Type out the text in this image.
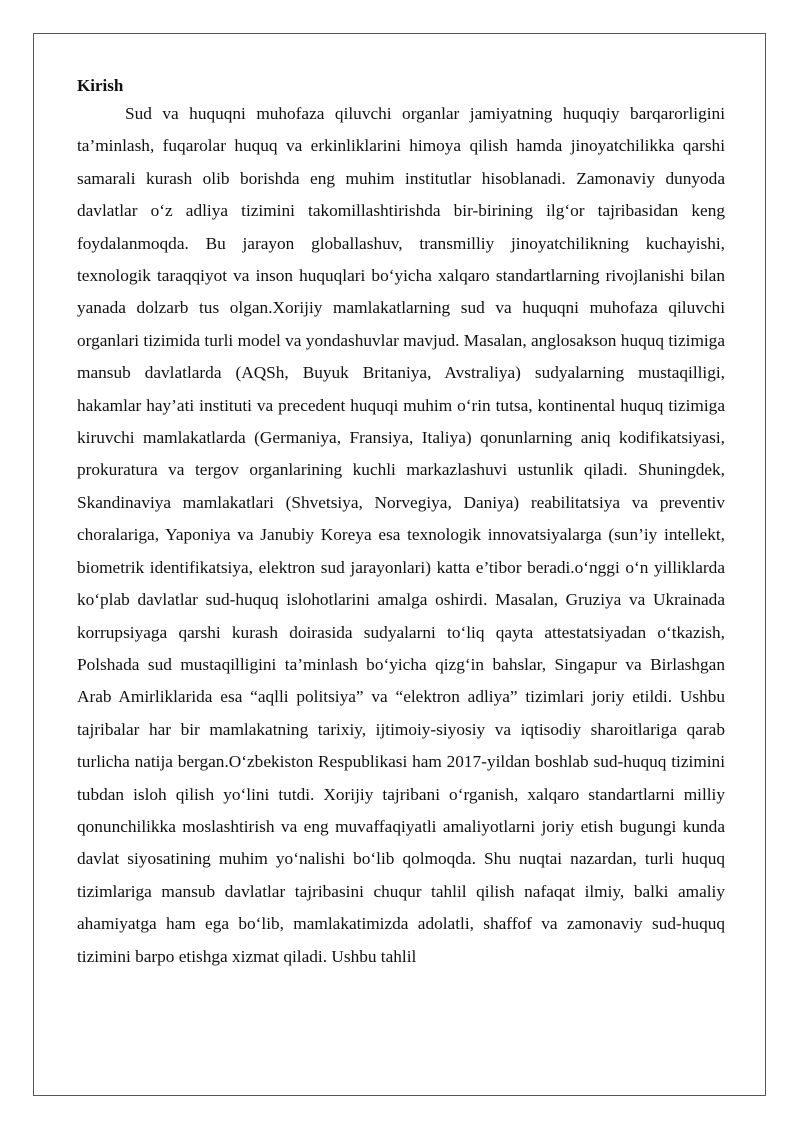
Kirish

Sud va huquqni muhofaza qiluvchi organlar jamiyatning huquqiy barqarorligini ta’minlash, fuqarolar huquq va erkinliklarini himoya qilish hamda jinoyatchilikka qarshi samarali kurash olib borishda eng muhim institutlar hisoblanadi. Zamonaviy dunyoda davlatlar o‘z adliya tizimini takomillashtirishda bir-birining ilg‘or tajribasidan keng foydalanmoqda. Bu jarayon globallashuv, transmilliy jinoyatchilikning kuchayishi, texnologik taraqqiyot va inson huquqlari bo‘yicha xalqaro standartlarning rivojlanishi bilan yanada dolzarb tus olgan.Xorijiy mamlakatlarning sud va huquqni muhofaza qiluvchi organlari tizimida turli model va yondashuvlar mavjud. Masalan, anglosakson huquq tizimiga mansub davlatlarda (AQSh, Buyuk Britaniya, Avstraliya) sudyalarning mustaqilligi, hakamlar hay’ati instituti va precedent huquqi muhim o‘rin tutsa, kontinental huquq tizimiga kiruvchi mamlakatlarda (Germaniya, Fransiya, Italiya) qonunlarning aniq kodifikatsiyasi, prokuratura va tergov organlarining kuchli markazlashuvi ustunlik qiladi. Shuningdek, Skandinaviya mamlakatlari (Shvetsiya, Norvegiya, Daniya) reabilitatsiya va preventiv choralariga, Yaponiya va Janubiy Koreya esa texnologik innovatsiyalarga (sun’iy intellekt, biometrik identifikatsiya, elektron sud jarayonlari) katta e’tibor beradi.o‘nggi o‘n yilliklarda ko‘plab davlatlar sud-huquq islohotlarini amalga oshirdi. Masalan, Gruziya va Ukrainada korrupsiyaga qarshi kurash doirasida sudyalarni to‘liq qayta attestatsiyadan o‘tkazish, Polshada sud mustaqilligini ta’minlash bo‘yicha qizg‘in bahslar, Singapur va Birlashgan Arab Amirliklarida esa “aqlli politsiya” va “elektron adliya” tizimlari joriy etildi. Ushbu tajribalar har bir mamlakatning tarixiy, ijtimoiy-siyosiy va iqtisodiy sharoitlariga qarab turlicha natija bergan.O‘zbekiston Respublikasi ham 2017-yildan boshlab sud-huquq tizimini tubdan isloh qilish yo‘lini tutdi. Xorijiy tajribani o‘rganish, xalqaro standartlarni milliy qonunchilikka moslashtirish va eng muvaffaqiyatli amaliyotlarni joriy etish bugungi kunda davlat siyosatining muhim yo‘nalishi bo‘lib qolmoqda. Shu nuqtai nazardan, turli huquq tizimlariga mansub davlatlar tajribasini chuqur tahlil qilish nafaqat ilmiy, balki amaliy ahamiyatga ham ega bo‘lib, mamlakatimizda adolatli, shaffof va zamonaviy sud-huquq tizimini barpo etishga xizmat qiladi. Ushbu tahlil
